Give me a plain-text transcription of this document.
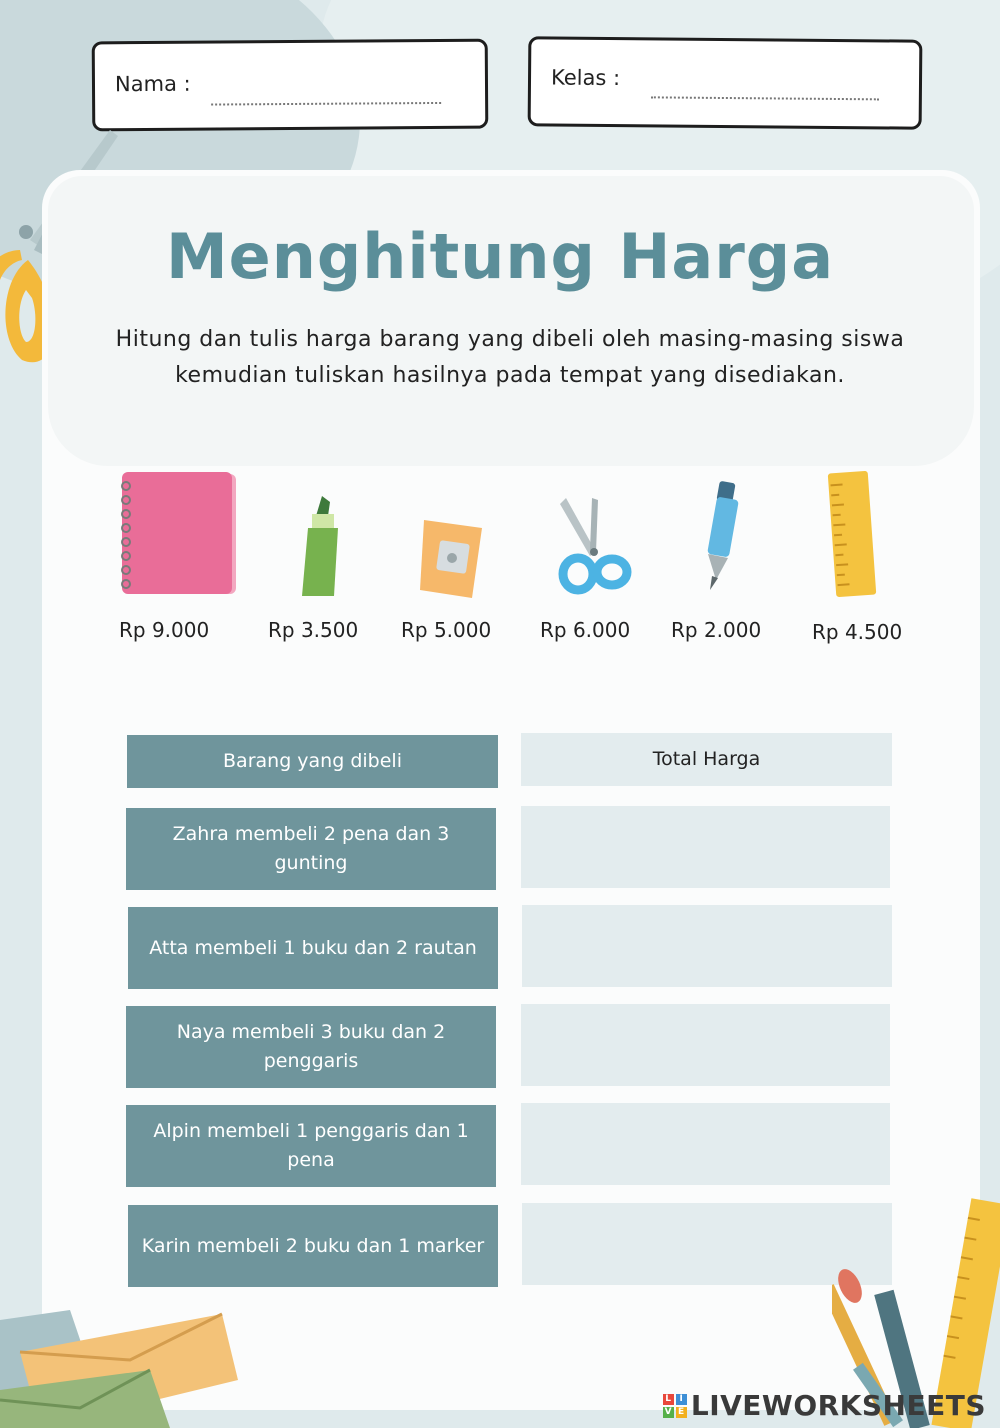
Nama :	Kelas :
Menghitung Harga

Hitung dan tulis harga barang yang dibeli oleh masing-masing siswa kemudian tuliskan hasilnya pada tempat yang disediakan.

Rp 9.000	Rp 3.500 Rp 5.000 Rp 6.000 Rp 2.000	Rp 4.500
Barang yang dibeli	Total Harga
Zahra membeli 2 pena dan 3 gunting
Atta membeli 1 buku dan 2 rautan
Naya membeli 3 buku dan 2 penggaris
Alpin membeli 1 penggaris dan 1 pena
Karin membeli 2 buku dan 1 marker
L I
V E LIVEWORKSHEETS
